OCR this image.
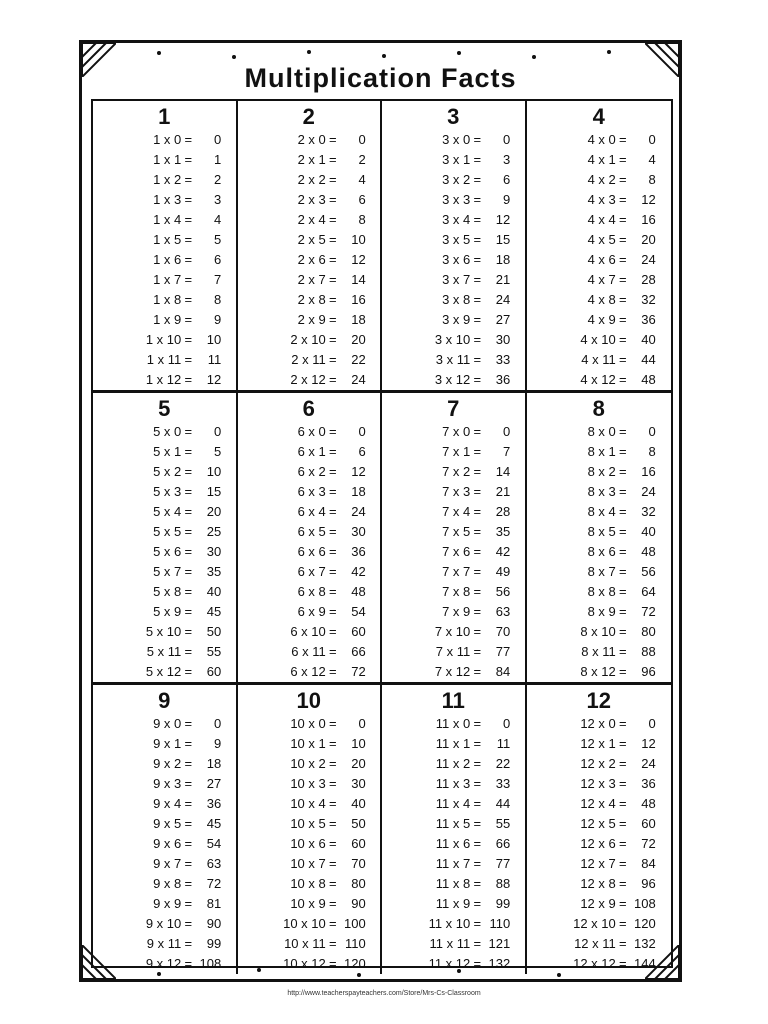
Multiplication Facts
1
1 x 0 =	0
1 x 1 =	1
1 x 2 =	2
1 x 3 =	3
1 x 4 =	4
1 x 5 =	5
1 x 6 =	6
1 x 7 =	7
1 x 8 =	8
1 x 9 =	9
1 x 10 =	10
1 x 11 =	11
1 x 12 =	12
2
2 x 0 =	0
2 x 1 =	2
2 x 2 =	4
2 x 3 =	6
2 x 4 =	8
2 x 5 =	10
2 x 6 =	12
2 x 7 =	14
2 x 8 =	16
2 x 9 =	18
2 x 10 =	20
2 x 11 =	22
2 x 12 =	24
3
3 x 0 =	0
3 x 1 =	3
3 x 2 =	6
3 x 3 =	9
3 x 4 =	12
3 x 5 =	15
3 x 6 =	18
3 x 7 =	21
3 x 8 =	24
3 x 9 =	27
3 x 10 =	30
3 x 11 =	33
3 x 12 =	36
4
4 x 0 =	0
4 x 1 =	4
4 x 2 =	8
4 x 3 =	12
4 x 4 =	16
4 x 5 =	20
4 x 6 =	24
4 x 7 =	28
4 x 8 =	32
4 x 9 =	36
4 x 10 =	40
4 x 11 =	44
4 x 12 =	48
5
5 x 0 =	0
5 x 1 =	5
5 x 2 =	10
5 x 3 =	15
5 x 4 =	20
5 x 5 =	25
5 x 6 =	30
5 x 7 =	35
5 x 8 =	40
5 x 9 =	45
5 x 10 =	50
5 x 11 =	55
5 x 12 =	60
6
6 x 0 =	0
6 x 1 =	6
6 x 2 =	12
6 x 3 =	18
6 x 4 =	24
6 x 5 =	30
6 x 6 =	36
6 x 7 =	42
6 x 8 =	48
6 x 9 =	54
6 x 10 =	60
6 x 11 =	66
6 x 12 =	72
7
7 x 0 =	0
7 x 1 =	7
7 x 2 =	14
7 x 3 =	21
7 x 4 =	28
7 x 5 =	35
7 x 6 =	42
7 x 7 =	49
7 x 8 =	56
7 x 9 =	63
7 x 10 =	70
7 x 11 =	77
7 x 12 =	84
8
8 x 0 =	0
8 x 1 =	8
8 x 2 =	16
8 x 3 =	24
8 x 4 =	32
8 x 5 =	40
8 x 6 =	48
8 x 7 =	56
8 x 8 =	64
8 x 9 =	72
8 x 10 =	80
8 x 11 =	88
8 x 12 =	96
9
9 x 0 =	0
9 x 1 =	9
9 x 2 =	18
9 x 3 =	27
9 x 4 =	36
9 x 5 =	45
9 x 6 =	54
9 x 7 =	63
9 x 8 =	72
9 x 9 =	81
9 x 10 =	90
9 x 11 =	99
9 x 12 = 108
10
10 x 0 =	0
10 x 1 =	10
10 x 2 =	20
10 x 3 =	30
10 x 4 =	40
10 x 5 =	50
10 x 6 =	60
10 x 7 =	70
10 x 8 =	80
10 x 9 =	90
10 x 10 = 100
10 x 11 = 110
10 x 12 = 120
11
11 x 0 =	0
11 x 1 =	11
11 x 2 =	22
11 x 3 =	33
11 x 4 =	44
11 x 5 =	55
11 x 6 =	66
11 x 7 =	77
11 x 8 =	88
11 x 9 =	99
11 x 10 = 110
11 x 11 = 121
11 x 12 = 132
12
12 x 0 =	0
12 x 1 =	12
12 x 2 =	24
12 x 3 =	36
12 x 4 =	48
12 x 5 =	60
12 x 6 =	72
12 x 7 =	84
12 x 8 =	96
12 x 9 = 108
12 x 10 = 120
12 x 11 = 132
12 x 12 = 144
http://www.teacherspayteachers.com/Store/Mrs-Cs-Classroom
